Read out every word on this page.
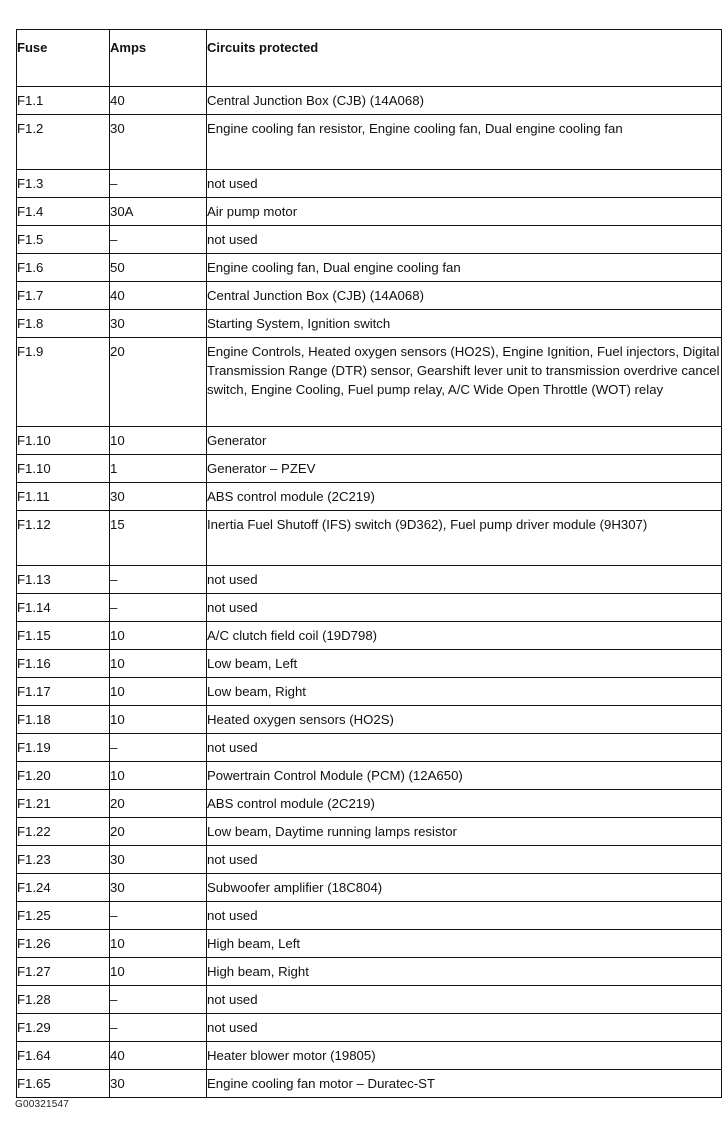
Fuse	Amps	Circuits protected
F1.1	40	Central Junction Box (CJB) (14A068)
F1.2	30	Engine cooling fan resistor, Engine cooling fan, Dual engine cooling fan
F1.3	–	not used
F1.4	30A	Air pump motor
F1.5	–	not used
F1.6	50	Engine cooling fan, Dual engine cooling fan
F1.7	40	Central Junction Box (CJB) (14A068)
F1.8	30	Starting System, Ignition switch
F1.9	20	Engine Controls, Heated oxygen sensors (HO2S), Engine Ignition, Fuel injectors, Digital Transmission Range (DTR) sensor, Gearshift lever unit to transmission overdrive cancel switch, Engine Cooling, Fuel pump relay, A/C Wide Open Throttle (WOT) relay
F1.10	10	Generator
F1.10	1	Generator – PZEV
F1.11	30	ABS control module (2C219)
F1.12	15	Inertia Fuel Shutoff (IFS) switch (9D362), Fuel pump driver module (9H307)
F1.13	–	not used
F1.14	–	not used
F1.15	10	A/C clutch field coil (19D798)
F1.16	10	Low beam, Left
F1.17	10	Low beam, Right
F1.18	10	Heated oxygen sensors (HO2S)
F1.19	–	not used
F1.20	10	Powertrain Control Module (PCM) (12A650)
F1.21	20	ABS control module (2C219)
F1.22	20	Low beam, Daytime running lamps resistor
F1.23	30	not used
F1.24	30	Subwoofer amplifier (18C804)
F1.25	–	not used
F1.26	10	High beam, Left
F1.27	10	High beam, Right
F1.28	–	not used
F1.29	–	not used
F1.64	40	Heater blower motor (19805)
F1.65	30	Engine cooling fan motor – Duratec-ST
G00321547
